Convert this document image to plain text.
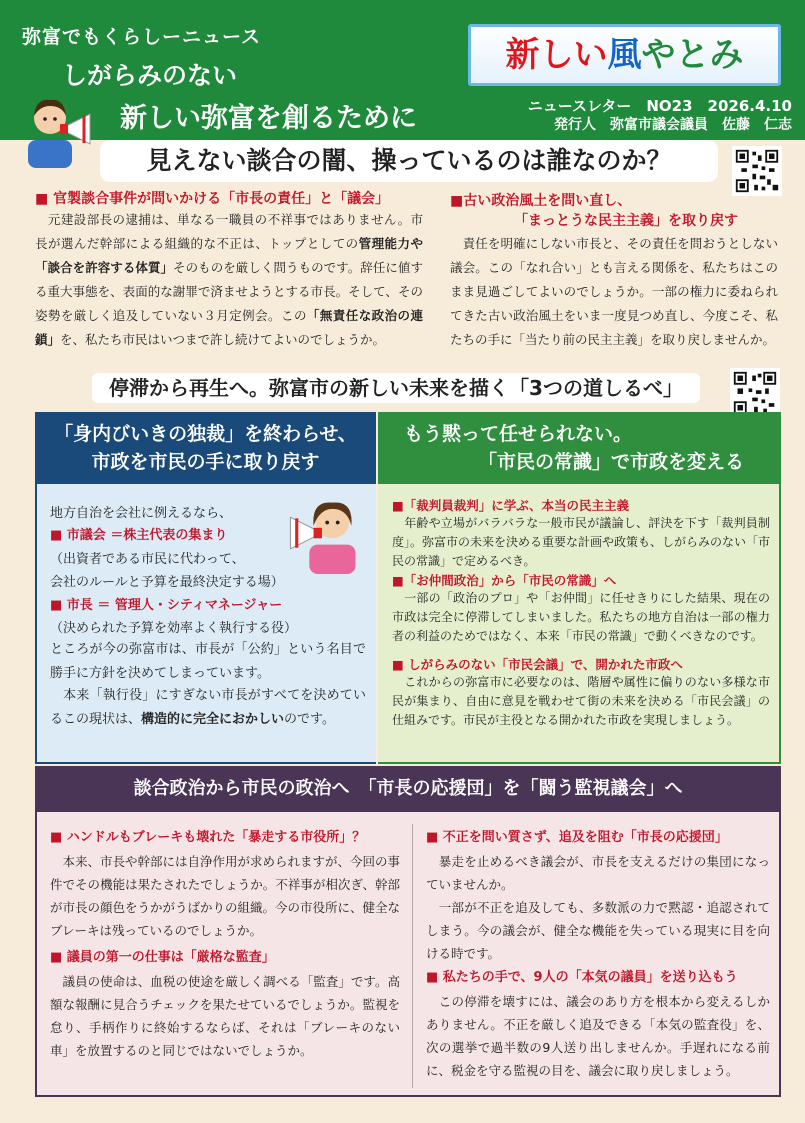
弥富でもくらしーニュース
しがらみのない
新しい弥富を創るために
新しい風やとみ
ニュースレター　NO23　2026.4.10
発行人　弥富市議会議員　佐藤　仁志
見えない談合の闇、操っているのは誰なのか？
■ 官製談合事件が問いかける「市長の責任」と「議会」
　元建設部長の逮捕は、単なる一職員の不祥事ではありません。市長が選んだ幹部による組織的な不正は、トップとしての管理能力や「談合を許容する体質」そのものを厳しく問うものです。辞任に値する重大事態を、表面的な謝罪で済ませようとする市長。そして、その姿勢を厳しく追及していない３月定例会。この「無責任な政治の連鎖」を、私たち市民はいつまで許し続けてよいのでしょうか。
■古い政治風土を問い直し、
「まっとうな民主主義」を取り戻す
　責任を明確にしない市長と、その責任を問おうとしない議会。この「なれ合い」とも言える関係を、私たちはこのまま見過ごしてよいのでしょうか。一部の権力に委ねられてきた古い政治風土をいま一度見つめ直し、今度こそ、私たちの手に「当たり前の民主主義」を取り戻しませんか。
停滞から再生へ。弥富市の新しい未来を描く「3つの道しるべ」
「身内びいきの独裁」を終わらせ、
市政を市民の手に取り戻す
もう黙って任せられない。
「市民の常識」で市政を変える
地方自治を会社に例えるなら、
■ 市議会 ＝株主代表の集まり
（出資者である市民に代わって、
会社のルールと予算を最終決定する場）
■ 市長 ＝ 管理人・シティマネージャー
（決められた予算を効率よく執行する役）
ところが今の弥富市は、市長が「公約」という名目で勝手に方針を決めてしまっています。
　本来「執行役」にすぎない市長がすべてを決めているこの現状は、構造的に完全におかしいのです。
■「裁判員裁判」に学ぶ、本当の民主主義
　年齢や立場がバラバラな一般市民が議論し、評決を下す「裁判員制度」。弥富市の未来を決める重要な計画や政策も、しがらみのない「市民の常識」で定めるべき。
■「お仲間政治」から「市民の常識」へ
　一部の「政治のプロ」や「お仲間」に任せきりにした結果、現在の市政は完全に停滞してしまいました。私たちの地方自治は一部の権力者の利益のためではなく、本来「市民の常識」で動くべきなのです。
■ しがらみのない「市民会議」で、開かれた市政へ
　これからの弥富市に必要なのは、階層や属性に偏りのない多様な市民が集まり、自由に意見を戦わせて街の未来を決める「市民会議」の仕組みです。市民が主役となる開かれた市政を実現しましょう。
談合政治から市民の政治へ　「市長の応援団」を「闘う監視議会」へ
■ ハンドルもブレーキも壊れた「暴走する市役所」？
　本来、市長や幹部には自浄作用が求められますが、今回の事件でその機能は果たされたでしょうか。不祥事が相次ぎ、幹部が市長の顔色をうかがうばかりの組織。今の市役所に、健全なブレーキは残っているのでしょうか。
■ 議員の第一の仕事は「厳格な監査」
　議員の使命は、血税の使途を厳しく調べる「監査」です。高額な報酬に見合うチェックを果たせているでしょうか。監視を怠り、手柄作りに終始するならば、それは「ブレーキのない車」を放置するのと同じではないでしょうか。
■ 不正を問い質さず、追及を阻む「市長の応援団」
　暴走を止めるべき議会が、市長を支えるだけの集団になっていませんか。
　一部が不正を追及しても、多数派の力で黙認・追認されてしまう。今の議会が、健全な機能を失っている現実に目を向ける時です。
■ 私たちの手で、9人の「本気の議員」を送り込もう
　この停滞を壊すには、議会のあり方を根本から変えるしかありません。不正を厳しく追及できる「本気の監査役」を、次の選挙で過半数の9人送り出しませんか。手遅れになる前に、税金を守る監視の目を、議会に取り戻しましょう。
